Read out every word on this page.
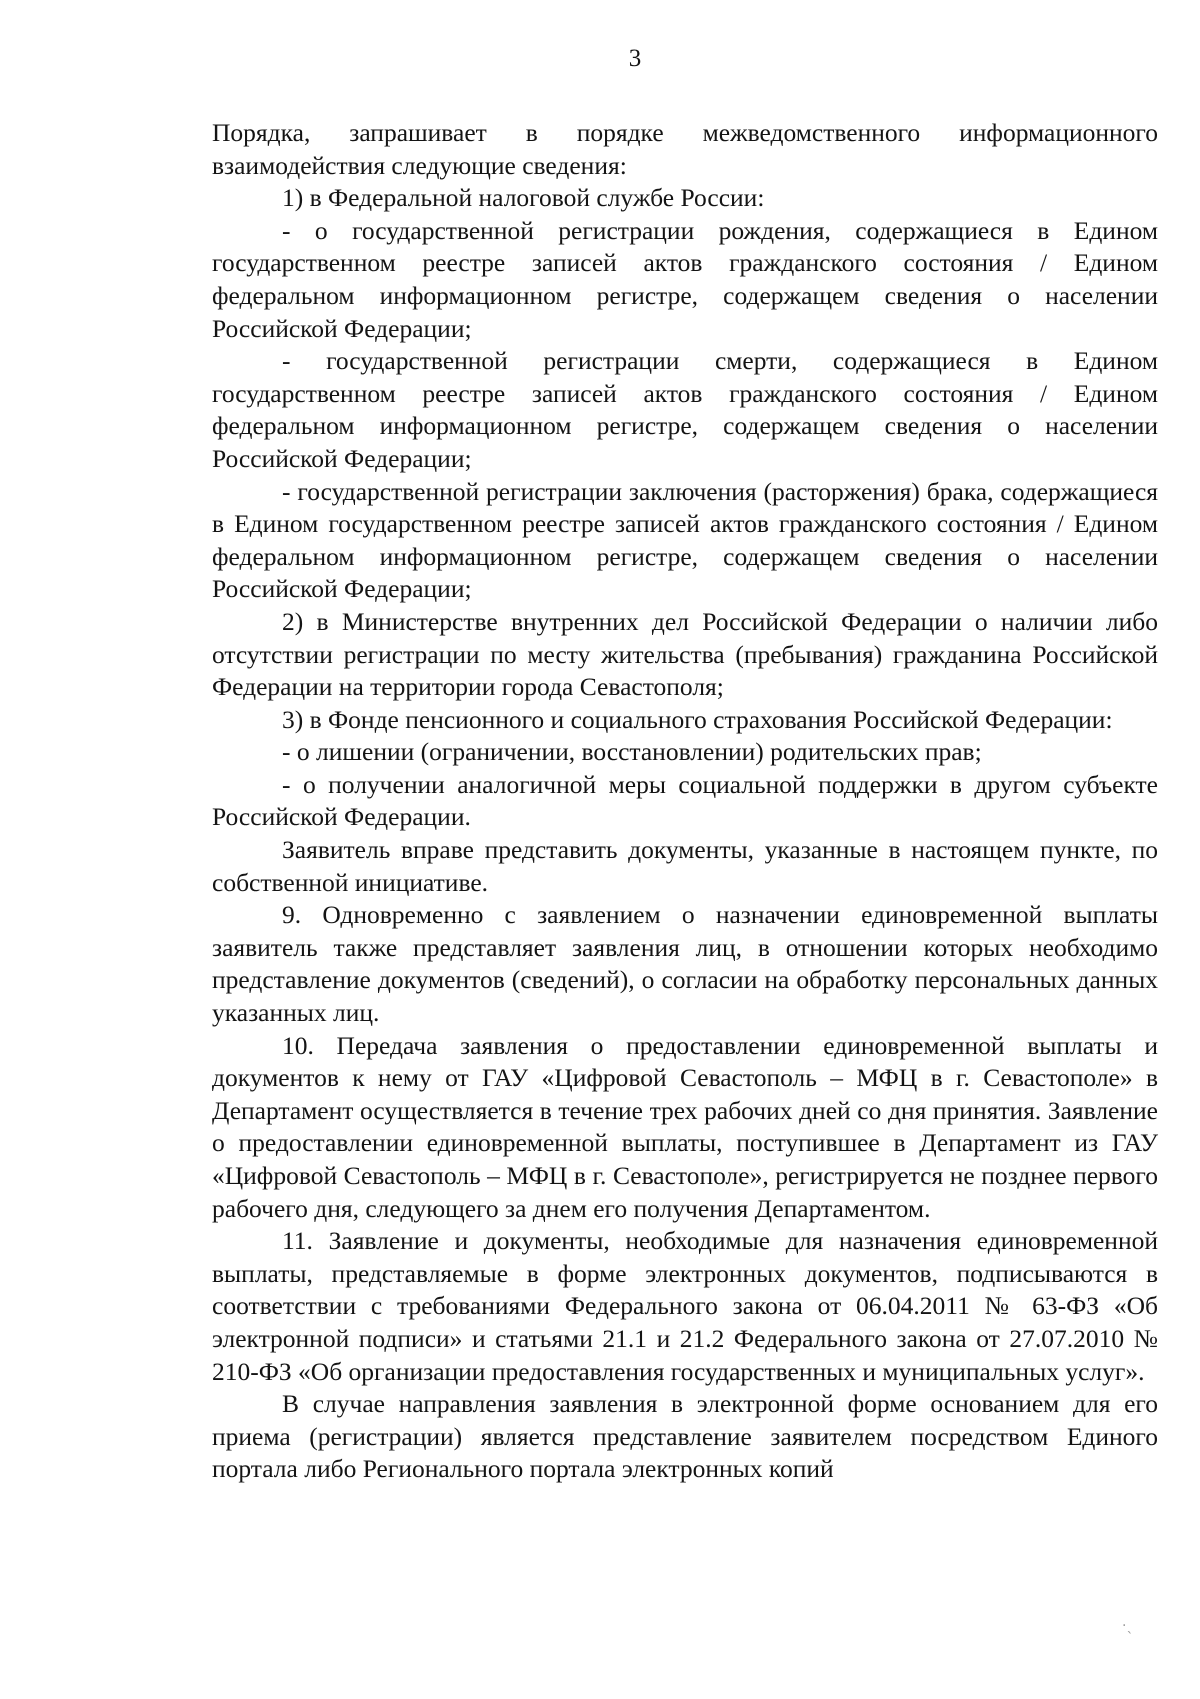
3

Порядка, запрашивает в порядке межведомственного информационного взаимодействия следующие сведения:

1) в Федеральной налоговой службе России:

- о государственной регистрации рождения, содержащиеся в Едином государственном реестре записей актов гражданского состояния / Едином федеральном информационном регистре, содержащем сведения о населении Российской Федерации;

- государственной регистрации смерти, содержащиеся в Едином государственном реестре записей актов гражданского состояния / Едином федеральном информационном регистре, содержащем сведения о населении Российской Федерации;

- государственной регистрации заключения (расторжения) брака, содержащиеся в Едином государственном реестре записей актов гражданского состояния / Едином федеральном информационном регистре, содержащем сведения о населении Российской Федерации;

2) в Министерстве внутренних дел Российской Федерации о наличии либо отсутствии регистрации по месту жительства (пребывания) гражданина Российской Федерации на территории города Севастополя;

3) в Фонде пенсионного и социального страхования Российской Федерации:

- о лишении (ограничении, восстановлении) родительских прав;

- о получении аналогичной меры социальной поддержки в другом субъекте Российской Федерации.

Заявитель вправе представить документы, указанные в настоящем пункте, по собственной инициативе.

9. Одновременно с заявлением о назначении единовременной выплаты заявитель также представляет заявления лиц, в отношении которых необходимо представление документов (сведений), о согласии на обработку персональных данных указанных лиц.

10. Передача заявления о предоставлении единовременной выплаты и документов к нему от ГАУ «Цифровой Севастополь – МФЦ в г. Севастополе» в Департамент осуществляется в течение трех рабочих дней со дня принятия. Заявление о предоставлении единовременной выплаты, поступившее в Департамент из ГАУ «Цифровой Севастополь – МФЦ в г. Севастополе», регистрируется не позднее первого рабочего дня, следующего за днем его получения Департаментом.

11. Заявление и документы, необходимые для назначения единовременной выплаты, представляемые в форме электронных документов, подписываются в соответствии с требованиями Федерального закона от 06.04.2011 № 63-ФЗ «Об электронной подписи» и статьями 21.1 и 21.2 Федерального закона от 27.07.2010 № 210-ФЗ «Об организации предоставления государственных и муниципальных услуг».

В случае направления заявления в электронной форме основанием для его приема (регистрации) является представление заявителем посредством Единого портала либо Регионального портала электронных копий

·ˎ
